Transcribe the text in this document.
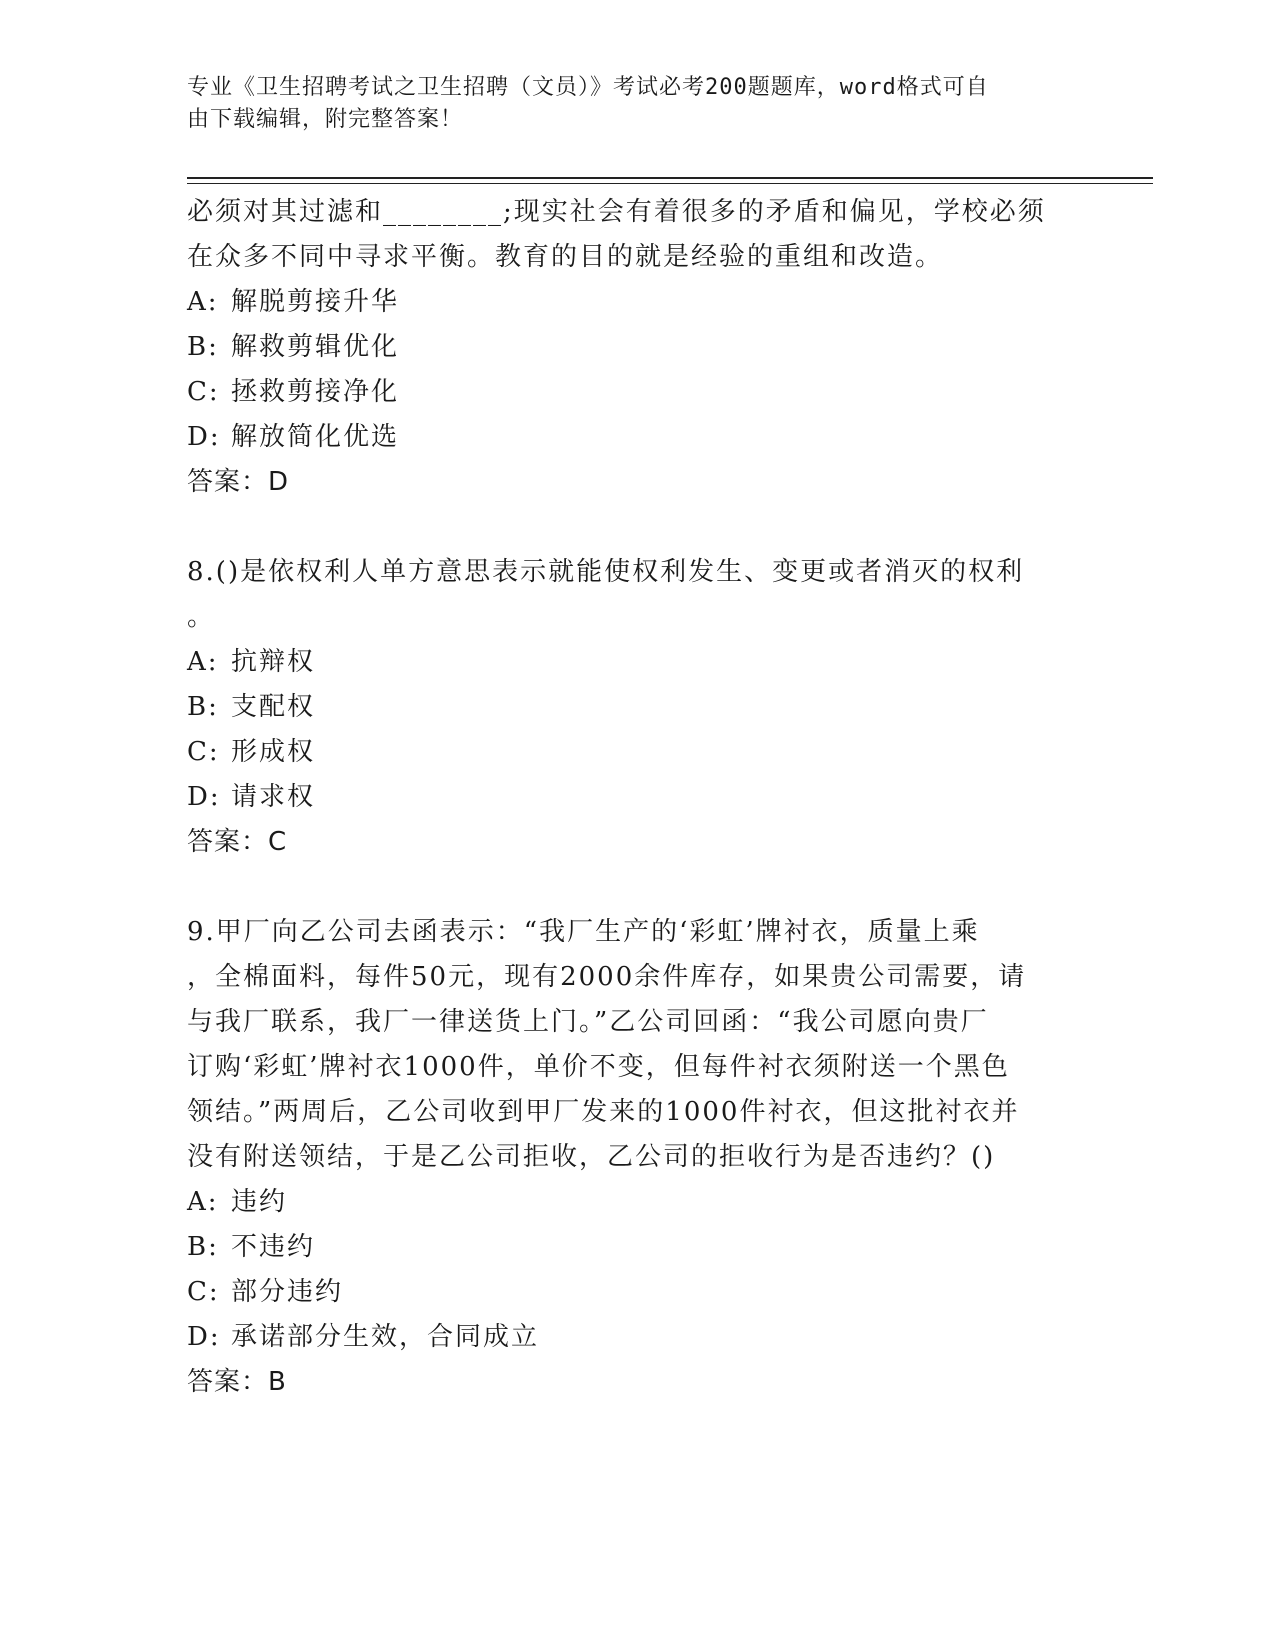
专业《卫生招聘考试之卫生招聘（文员）》考试必考200题题库，word格式可自
由下载编辑，附完整答案！

必须对其过滤和________;现实社会有着很多的矛盾和偏见，学校必须

在众多不同中寻求平衡。教育的目的就是经验的重组和改造。

A: 解脱剪接升华

B: 解救剪辑优化

C: 拯救剪接净化

D: 解放简化优选

答案：D

8.()是依权利人单方意思表示就能使权利发生、变更或者消灭的权利

。

A: 抗辩权

B: 支配权

C: 形成权

D: 请求权

答案：C

9.甲厂向乙公司去函表示：“我厂生产的‘彩虹’牌衬衣，质量上乘

，全棉面料，每件50元，现有2000余件库存，如果贵公司需要，请

与我厂联系，我厂一律送货上门。”乙公司回函：“我公司愿向贵厂

订购‘彩虹’牌衬衣1000件，单价不变，但每件衬衣须附送一个黑色

领结。”两周后，乙公司收到甲厂发来的1000件衬衣，但这批衬衣并

没有附送领结，于是乙公司拒收，乙公司的拒收行为是否违约？()

A: 违约

B: 不违约

C: 部分违约

D: 承诺部分生效，合同成立

答案：B
